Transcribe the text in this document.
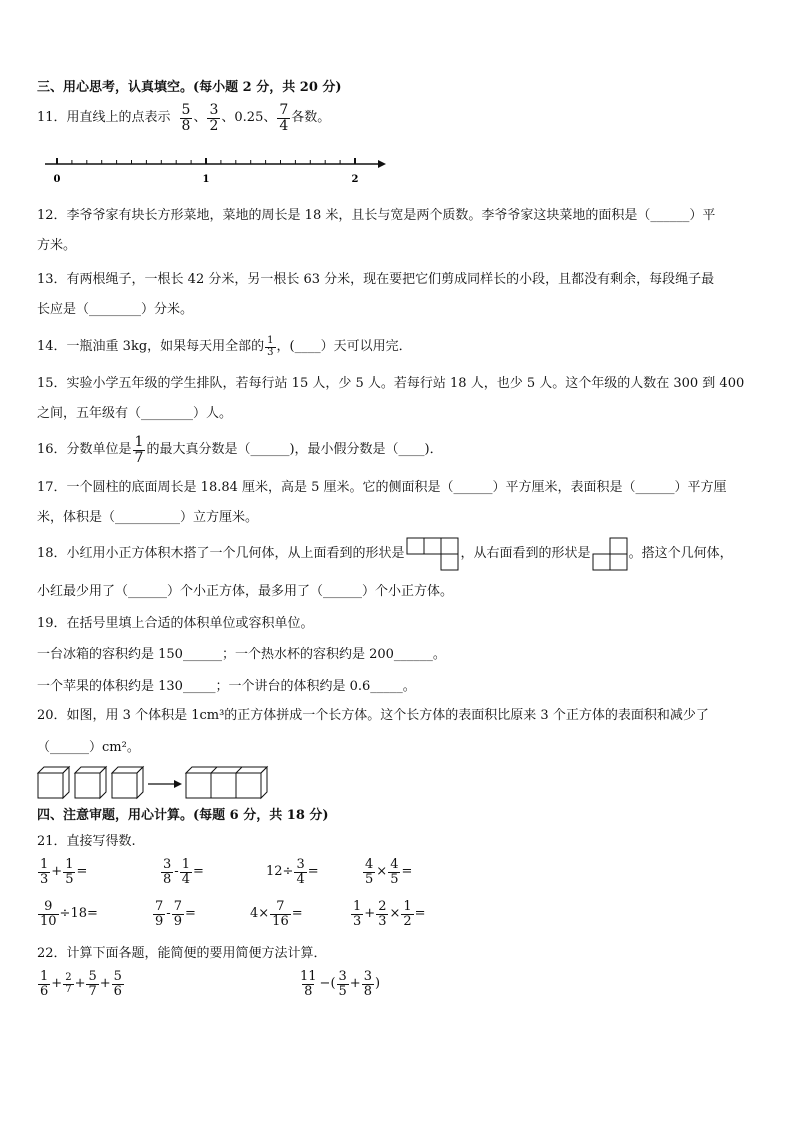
三、用心思考，认真填空。(每小题 2 分，共 20 分)
11．用直线上的点表示 $\frac{5}{8}$ 、 $\frac{3}{2}$ 、0.25、 $\frac{7}{4}$ 各数。
0	1	2
12．李爷爷家有块长方形菜地，菜地的周长是 18 米，且长与宽是两个质数。李爷爷家这块菜地的面积是（______）平
方米。
13．有两根绳子，一根长 42 分米，另一根长 63 分米，现在要把它们剪成同样长的小段，且都没有剩余，每段绳子最
长应是（________）分米。
14．一瓶油重 3kg，如果每天用全部的 $\frac{1}{3}$ ，(____）天可以用完．
15．实验小学五年级的学生排队，若每行站 15 人，少 5 人。若每行站 18 人，也少 5 人。这个年级的人数在 300 到 400
之间，五年级有（________）人。
16．分数单位是 $\frac{1}{7}$ 的最大真分数是（______)，最小假分数是（____)．
17．一个圆柱的底面周长是 18.84 厘米，高是 5 厘米。它的侧面积是（______）平方厘米，表面积是（______）平方厘
米，体积是（__________）立方厘米。
18．小红用小正方体积木搭了一个几何体，从上面看到的形状是	，从右面看到的形状是	。搭这个几何体，
小红最少用了（______）个小正方体，最多用了（______）个小正方体。
19．在括号里填上合适的体积单位或容积单位。
一台冰箱的容积约是 150______；一个热水杯的容积约是 200______。
一个苹果的体积约是 130_____；一个讲台的体积约是 0.6_____。
20．如图，用 3 个体积是 1cm³的正方体拼成一个长方体。这个长方体的表面积比原来 3 个正方体的表面积和减少了
（______）cm²。
四、注意审题，用心计算。(每题 6 分，共 18 分)
21．直接写得数.
$\frac{1}{3} + \frac{1}{5}$ =	$\frac{3}{8} - \frac{1}{4}$ =	$12\div \frac{3}{4}$ =	$\frac{4}{5} \times \frac{4}{5}$ =
$\frac{9}{10} \div 18=$	$\frac{7}{9} - \frac{7}{9}$ =	$4\times \frac{7}{16}$ =	$\frac{1}{3} + \frac{2}{3} \times \frac{1}{2}$ =
22．计算下面各题，能简便的要用简便方法计算．
$\frac{1}{6} + \frac{2}{7} + \frac{5}{7} + \frac{5}{6}$	$\frac{11}{8}$ −( $\frac{3}{5} + \frac{3}{8}$ )
